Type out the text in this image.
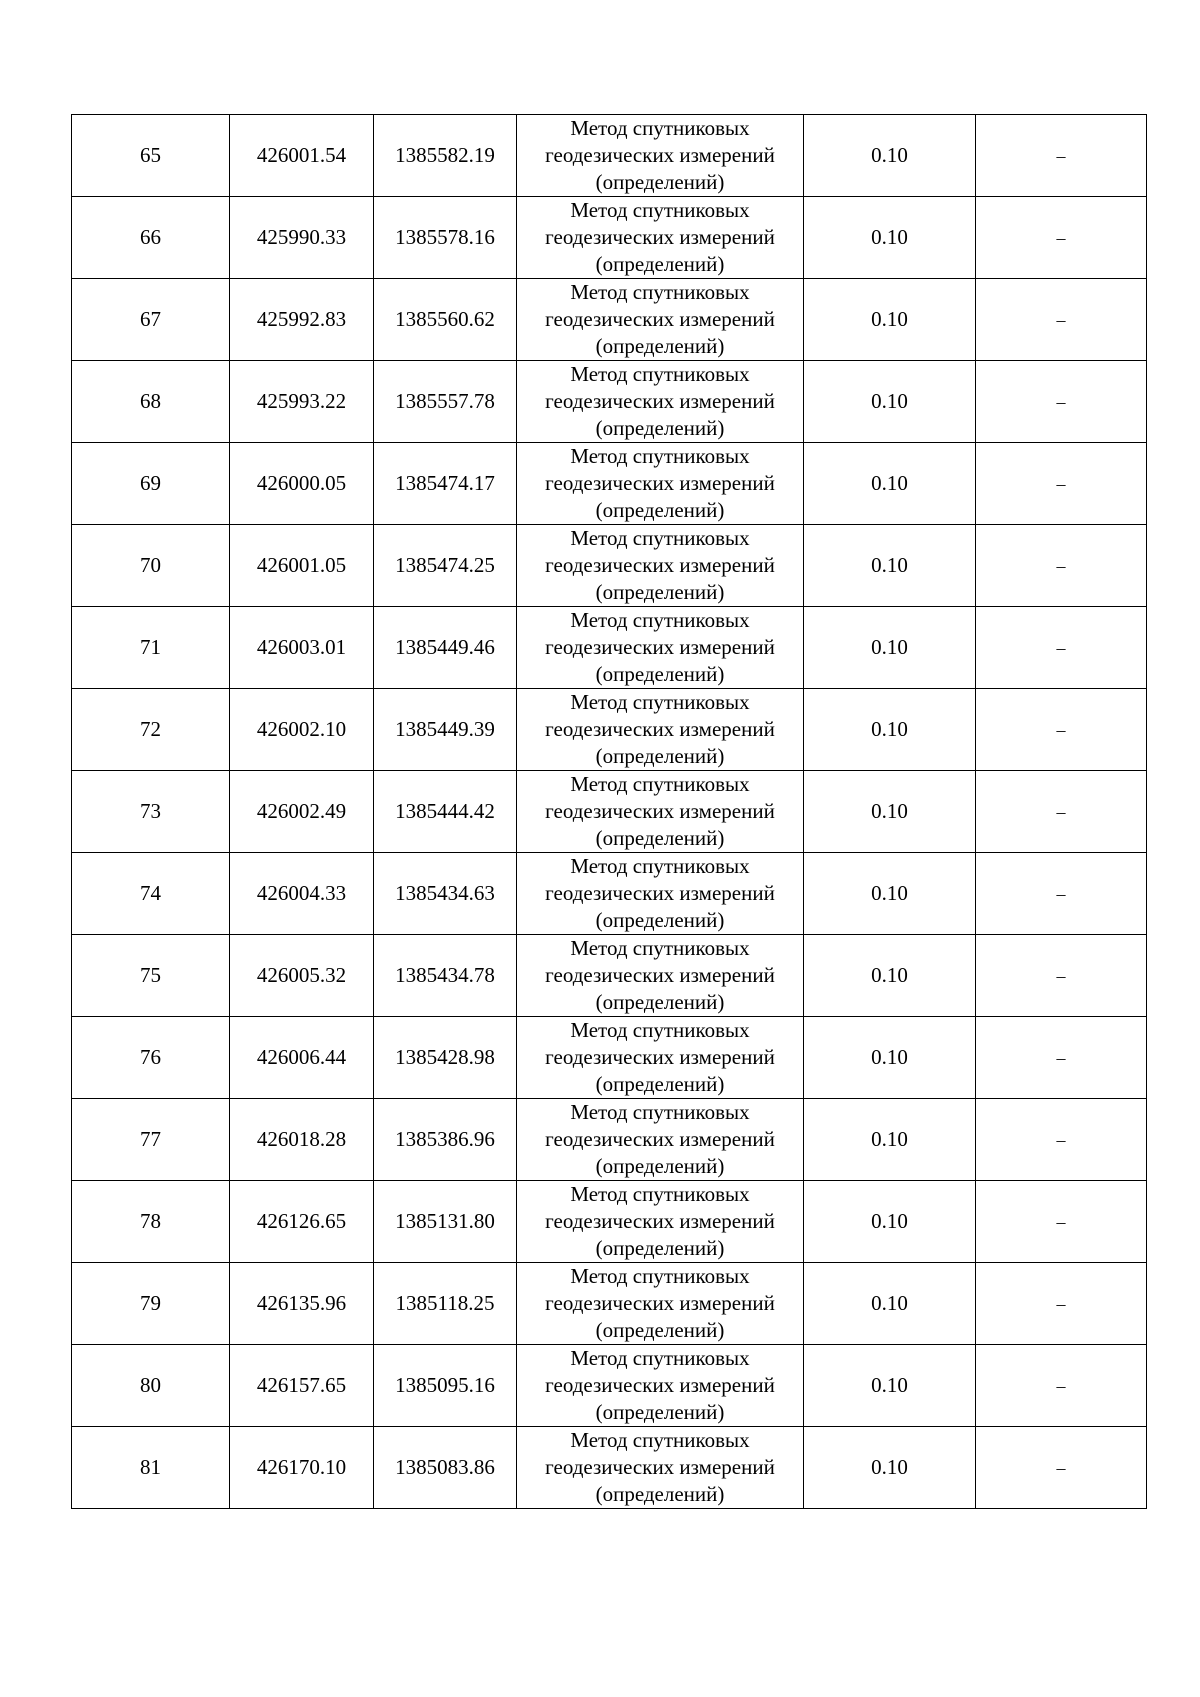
65	426001.54	1385582.19	Метод спутниковых
геодезических измерений
(определений)	0.10	–
66	425990.33	1385578.16	Метод спутниковых
геодезических измерений
(определений)	0.10	–
67	425992.83	1385560.62	Метод спутниковых
геодезических измерений
(определений)	0.10	–
68	425993.22	1385557.78	Метод спутниковых
геодезических измерений
(определений)	0.10	–
69	426000.05	1385474.17	Метод спутниковых
геодезических измерений
(определений)	0.10	–
70	426001.05	1385474.25	Метод спутниковых
геодезических измерений
(определений)	0.10	–
71	426003.01	1385449.46	Метод спутниковых
геодезических измерений
(определений)	0.10	–
72	426002.10	1385449.39	Метод спутниковых
геодезических измерений
(определений)	0.10	–
73	426002.49	1385444.42	Метод спутниковых
геодезических измерений
(определений)	0.10	–
74	426004.33	1385434.63	Метод спутниковых
геодезических измерений
(определений)	0.10	–
75	426005.32	1385434.78	Метод спутниковых
геодезических измерений
(определений)	0.10	–
76	426006.44	1385428.98	Метод спутниковых
геодезических измерений
(определений)	0.10	–
77	426018.28	1385386.96	Метод спутниковых
геодезических измерений
(определений)	0.10	–
78	426126.65	1385131.80	Метод спутниковых
геодезических измерений
(определений)	0.10	–
79	426135.96	1385118.25	Метод спутниковых
геодезических измерений
(определений)	0.10	–
80	426157.65	1385095.16	Метод спутниковых
геодезических измерений
(определений)	0.10	–
81	426170.10	1385083.86	Метод спутниковых
геодезических измерений
(определений)	0.10	–
